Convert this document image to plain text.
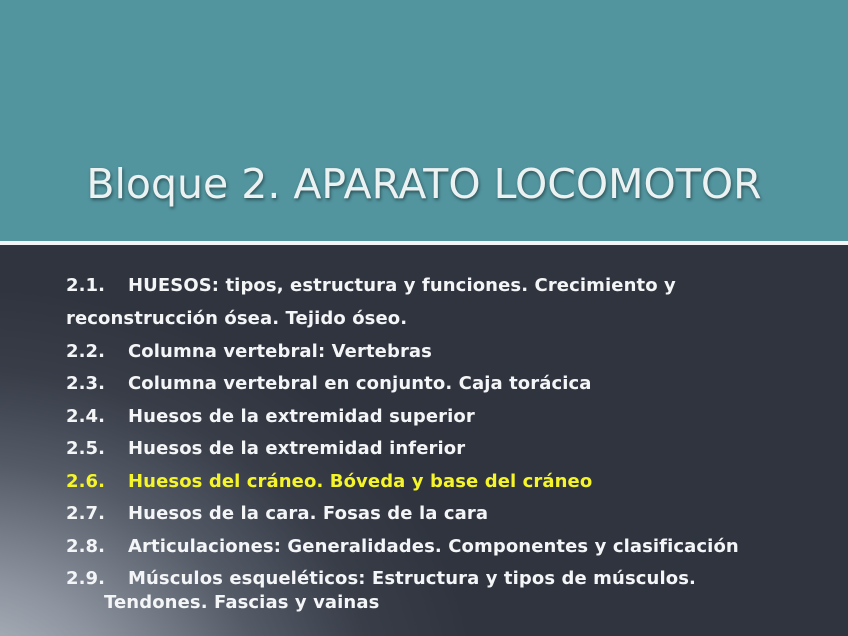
Bloque 2. APARATO LOCOMOTOR
2.1. HUESOS: tipos, estructura y funciones. Crecimiento y
reconstrucción ósea. Tejido óseo.
2.2. Columna vertebral: Vertebras
2.3. Columna vertebral en conjunto. Caja torácica
2.4. Huesos de la extremidad superior
2.5. Huesos de la extremidad inferior
2.6. Huesos del cráneo. Bóveda y base del cráneo
2.7. Huesos de la cara. Fosas de la cara
2.8. Articulaciones: Generalidades. Componentes y clasificación
2.9. Músculos esqueléticos: Estructura y tipos de músculos.
Tendones. Fascias y vainas
